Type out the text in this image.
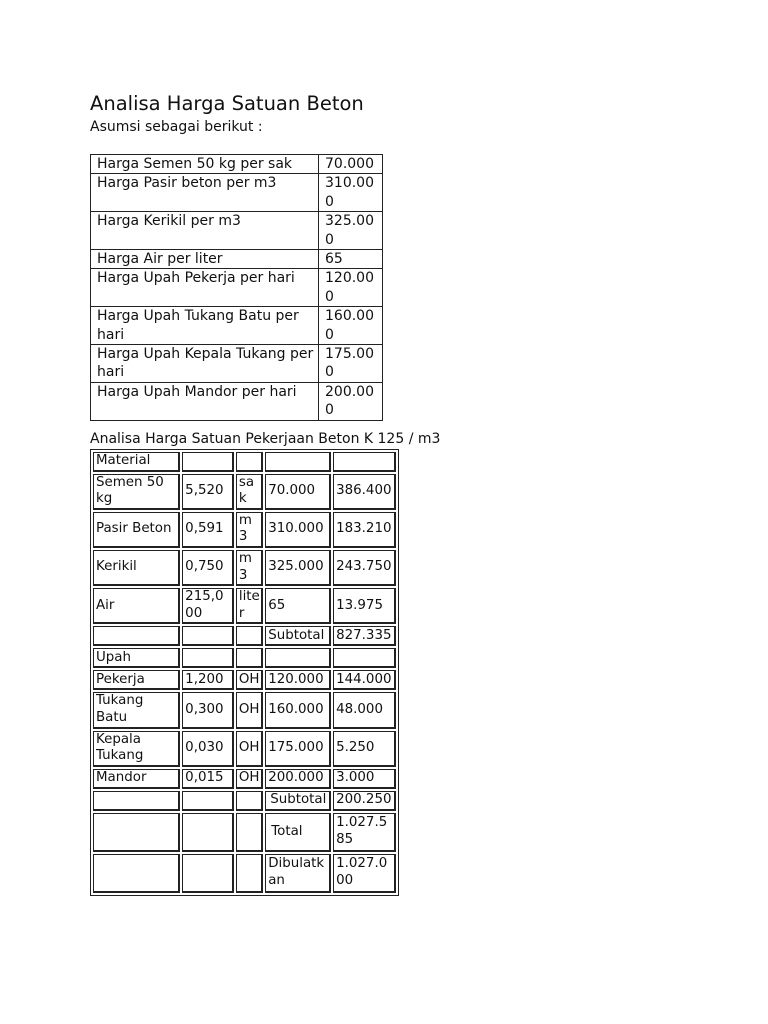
Analisa Harga Satuan Beton
Asumsi sebagai berikut :
Harga Semen 50 kg per sak	70.000
Harga Pasir beton per m3	310.000
Harga Kerikil per m3	325.000
Harga Air per liter	65
Harga Upah Pekerja per hari	120.000
Harga Upah Tukang Batu per hari	160.000
Harga Upah Kepala Tukang per hari	175.000
Harga Upah Mandor per hari	200.000
Analisa Harga Satuan Pekerjaan Beton K 125 / m3
Material				
Semen 50 kg	5,520	sak	70.000	386.400
Pasir Beton	0,591	m3	310.000	183.210
Kerikil	0,750	m3	325.000	243.750
Air	215,000	liter	65	13.975
			Subtotal	827.335
Upah				
Pekerja	1,200	OH	120.000	144.000
Tukang Batu	0,300	OH	160.000	48.000
Kepala Tukang	0,030	OH	175.000	5.250
Mandor	0,015	OH	200.000	3.000
			Subtotal	200.250
			Total	1.027.585
			Dibulatkan	1.027.000
